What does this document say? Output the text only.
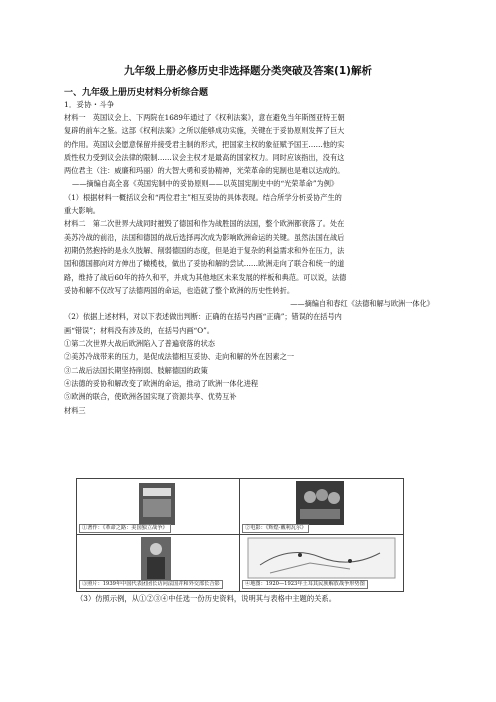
九年级上册必修历史非选择题分类突破及答案(1)解析
一、九年级上册历史材料分析综合题
1．妥协・斗争

材料一　英国议会上、下两院在1689年通过了《权利法案》，意在避免当年斯图亚特王朝

复辟的前车之鉴。这部《权利法案》之所以能够成功实施，关键在于妥协原则发挥了巨大

的作用。英国议会愿意保留并接受君主制的形式，把国家主权的象征赋予国王……他的实

质性权力受到议会法律的限制……议会主权才是最高的国家权力。同时应该指出，没有这

两位君主（注：威廉和玛丽）的大智大勇和妥协精神，光荣革命的宪制也是难以达成的。

——摘编自高全喜《英国宪制中的妥协原则——以英国宪制史中的“光荣革命”为例》

（1）根据材料一概括议会和“两位君主”相互妥协的具体表现。结合所学分析妥协产生的

重大影响。

材料二　第二次世界大战同时摧毁了德国和作为战胜国的法国，整个欧洲都衰落了。处在

美苏冷战的前沿，法国和德国的战后选择再次成为影响欧洲命运的关键。虽然法国在战后

初期仍然抱持的是永久肢解、削弱德国的态度，但是迫于复杂的利益需求和外在压力，法

国和德国都向对方伸出了橄榄枝，做出了妥协和解的尝试……欧洲走向了联合和统一的道

路，维持了战后60年的持久和平，并成为其他地区未来发展的样板和典范。可以说，法德

妥协和解不仅改写了法德两国的命运，也造就了整个欧洲的历史性转折。

——摘编自和春红《法德和解与欧洲一体化》

（2）依据上述材料，对以下表述做出判断：正确的在括号内画“正确”；错误的在括号内

画“错误”；材料没有涉及的，在括号内画“O”。

①第二次世界大战后欧洲陷入了普遍衰落的状态

②美苏冷战带来的压力，是促成法德相互妥协、走向和解的外在因素之一

③二战后法国长期坚持削弱、肢解德国的政策

④法德的妥协和解改变了欧洲的命运，推动了欧洲一体化进程

⑤欧洲的联合，使欧洲各国实现了资源共享、优势互补

材料三

①著作：《革命之路：美国独立战争》	②电影：《辉煌·戴利瓦尔》
③照片：1939年中国代表团团长访问法国并和外交部长合影	④地图：1920—1923年土耳其民族解放战争形势图
（3）仿照示例，从①②③④中任选一份历史资料，说明其与表格中主题的关系。
